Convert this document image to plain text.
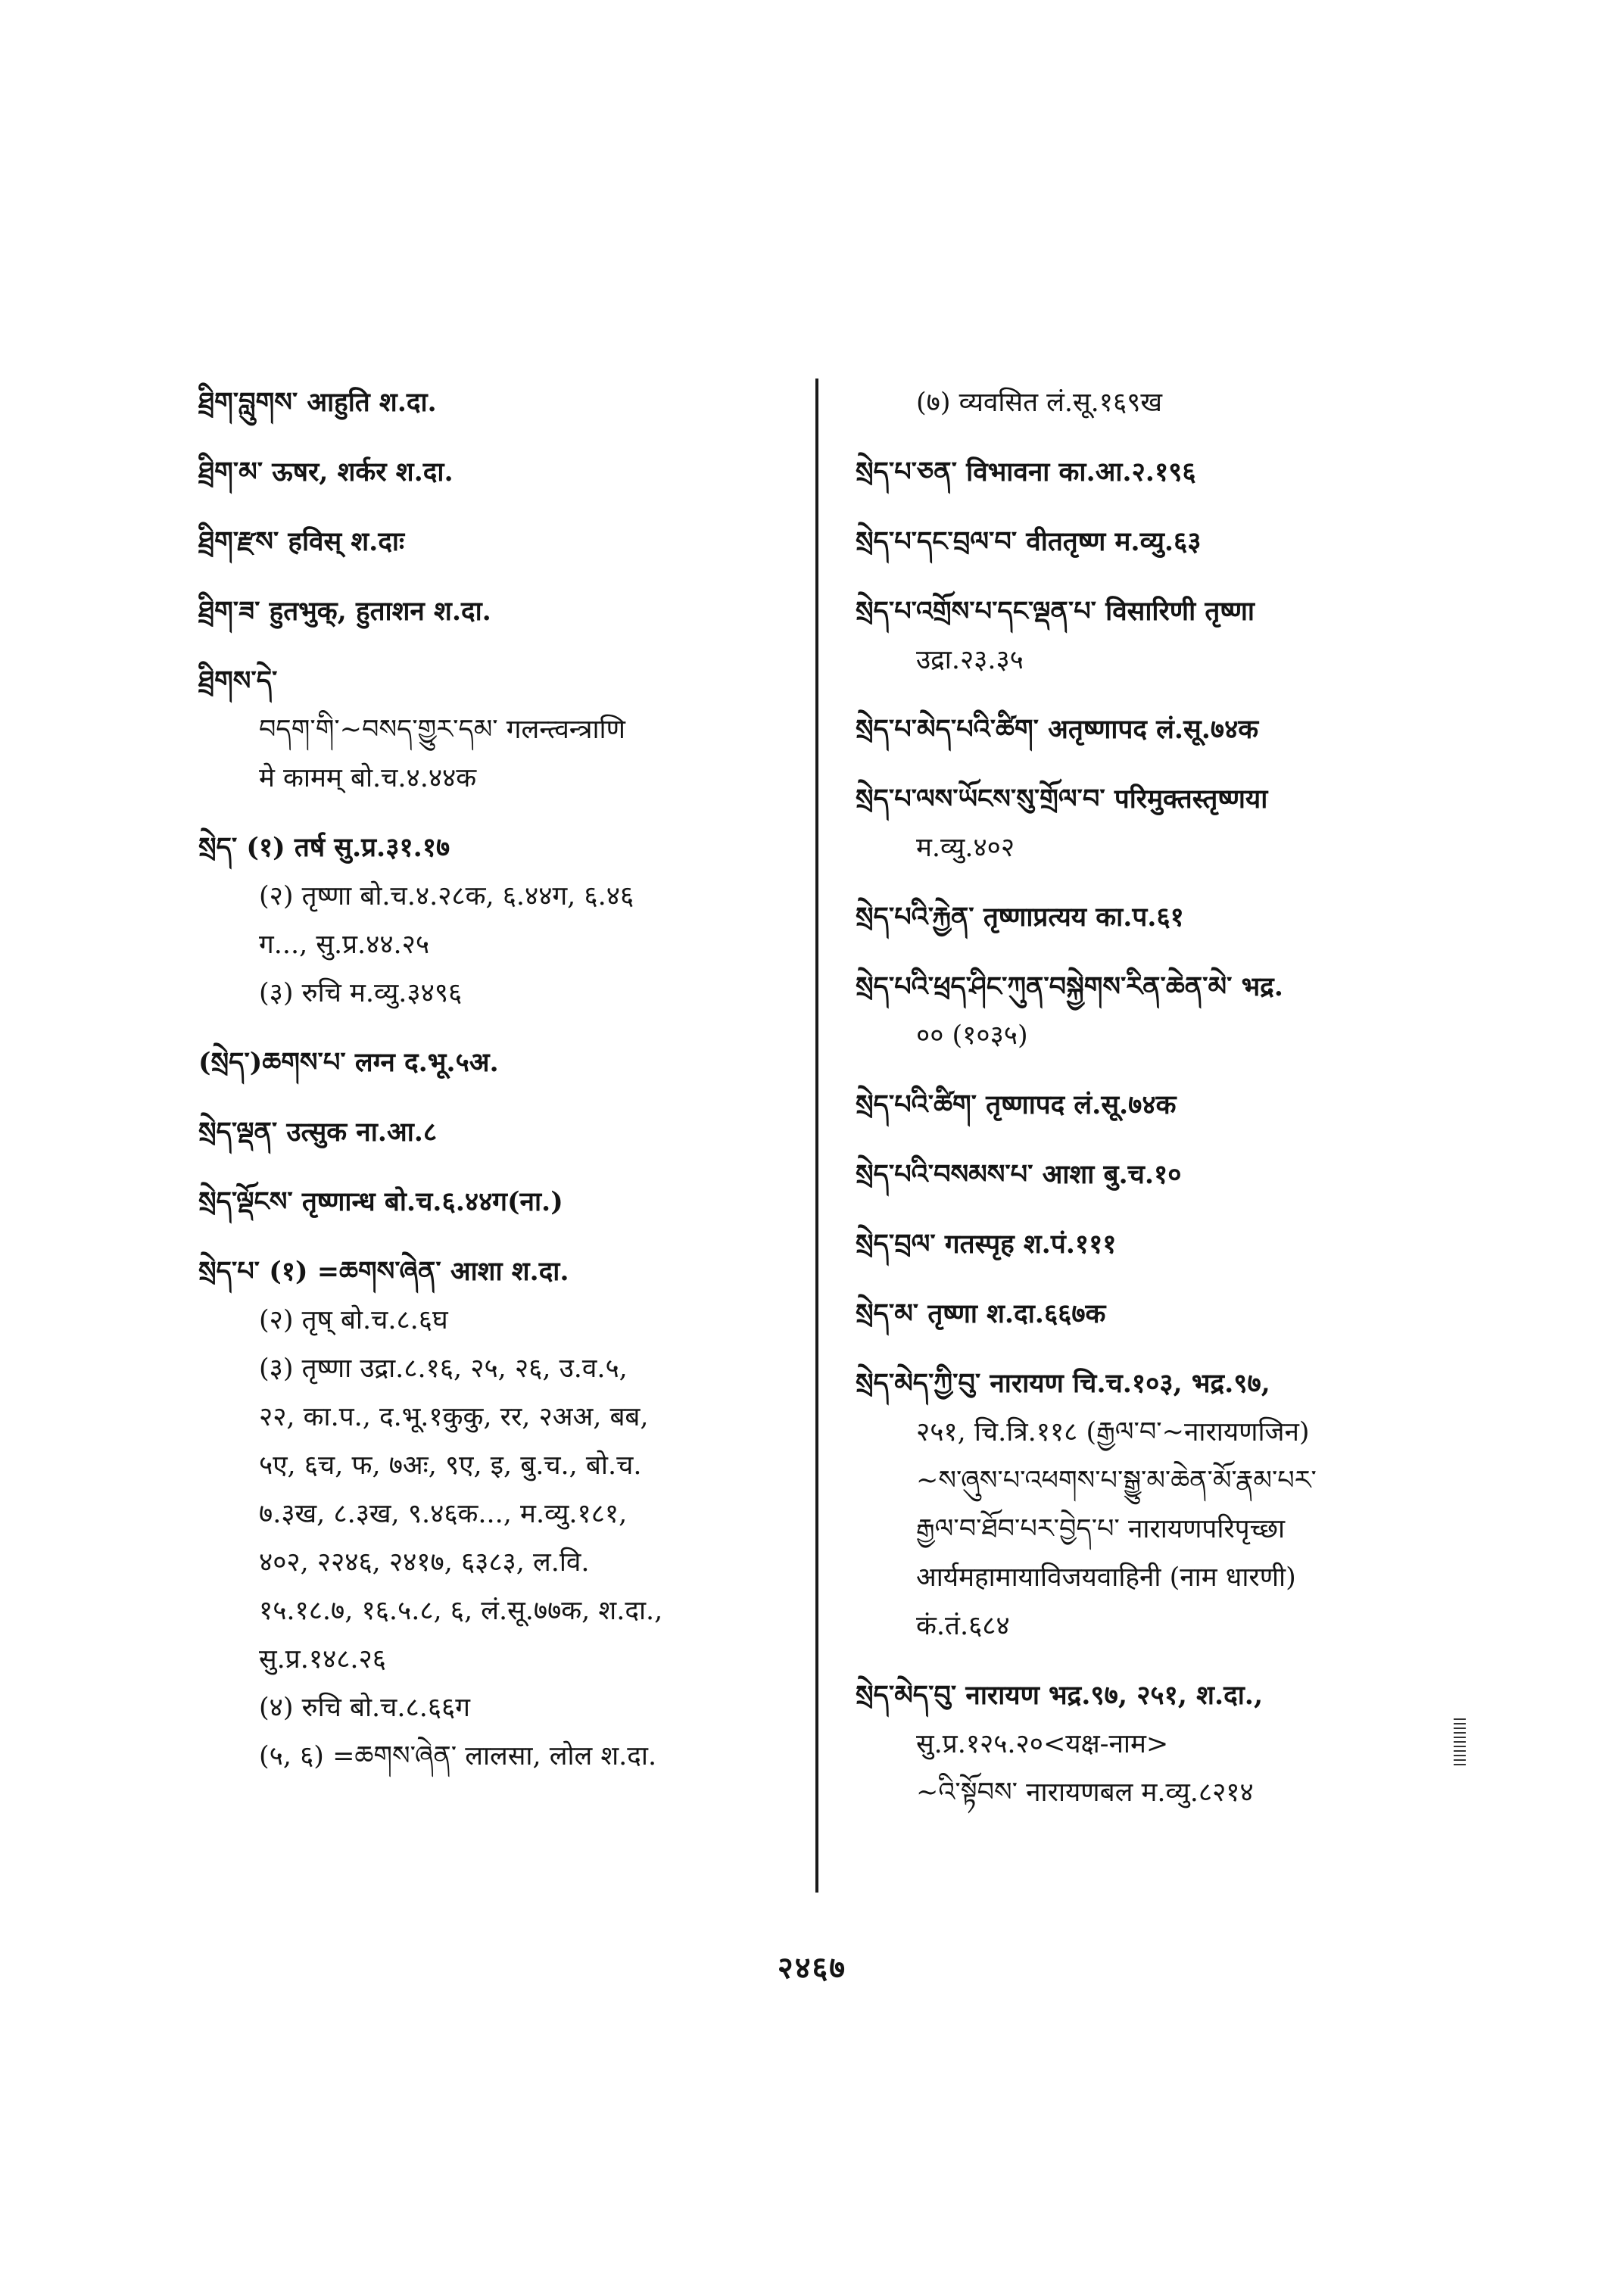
ཐྲིག་བླུགས་ आहुति श.दा.
ཐྲིག་མ་ ऊषर, शर्कर श.दा.
ཐྲིག་རྫས་ हविस् श.दाः
ཐྲིག་ཟ་ हुतभुक्, हुताशन श.दा.
ཐྲིགས་དེ་
བདག་གི་~བསད་གྱུར་དམ་ गलन्त्वन्त्राणि
मे कामम् बो.च.४.४४क
སྲེད་ (१) तर्ष सु.प्र.३१.१७
(२) तृष्णा बो.च.४.२८क, ६.४४ग, ६.४६
ग..., सु.प्र.४४.२५
(३) रुचि म.व्यु.३४९६
(སྲེད་)ཆགས་པ་ लग्न द.भू.५अ.
སྲེད་ལྡན་ उत्सुक ना.आ.८
སྲེད་ལྡོངས་ तृष्णान्ध बो.च.६.४४ग(ना.)
སྲེད་པ་ (१) =ཆགས་ཞེན་ आशा श.दा.
(२) तृष् बो.च.८.६घ
(३) तृष्णा उद्रा.८.१६, २५, २६, उ.व.५,
२२, का.प., द.भू.१कुकु, रर, २अअ, बब,
५ए, ६च, फ, ७अः, ९ए, इ, बु.च., बो.च.
७.३ख, ८.३ख, ९.४६क..., म.व्यु.१८१,
४०२, २२४६, २४१७, ६३८३, ल.वि.
१५.१८.७, १६.५.८, ६, लं.सू.७७क, श.दा.,
सु.प्र.१४८.२६
(४) रुचि बो.च.८.६६ग
(५, ६) =ཆགས་ཞེན་ लालसा, लोल श.दा.
(७) व्यवसित लं.सू.१६९ख
སྲེད་པ་ཅན་ विभावना का.आ.२.१९६
སྲེད་པ་དང་བྲལ་བ་ वीततृष्ण म.व्यु.६३
སྲེད་པ་འགྲོས་པ་དང་ལྡན་པ་ विसारिणी तृष्णा
उद्रा.२३.३५
སྲེད་པ་མེད་པའི་ཚིག་ अतृष्णापद लं.सू.७४क
སྲེད་པ་ལས་ཡོངས་སུ་གྲོལ་བ་ परिमुक्तस्तृष्णया
म.व्यु.४०२
སྲེད་པའི་རྐྱེན་ तृष्णाप्रत्यय का.प.६१
སྲེད་པའི་ཕྲད་ཤིང་ཀུན་བསྐྱེགས་རིན་ཆེན་མེ་ भद्र.
०० (१०३५)
སྲེད་པའི་ཚིག་ तृष्णापद लं.सू.७४क
སྲེད་པའི་བསམས་པ་ आशा बु.च.१०
སྲེད་བྲལ་ गतस्पृह श.पं.१११
སྲེད་མ་ तृष्णा श.दा.६६७क
སྲེད་མེད་ཀྱི་བུ་ नारायण चि.च.१०३, भद्र.९७,
२५१, चि.त्रि.११८ (རྒྱལ་བ་~नारायणजिन)
~ས་ཞུས་པ་འཕགས་པ་སྒྱུ་མ་ཆེན་མོ་རྣམ་པར་
རྒྱལ་བ་ཐོབ་པར་བྱེད་པ་ नारायणपरिपृच्छा
आर्यमहामायाविजयवाहिनी (नाम धारणी)
कं.तं.६८४
སྲེད་མེད་བུ་ नारायण भद्र.९७, २५१, श.दा.,
सु.प्र.१२५.२०<यक्ष-नाम>
~འི་སྟོབས་ नारायणबल म.व्यु.८२१४
२४६७
